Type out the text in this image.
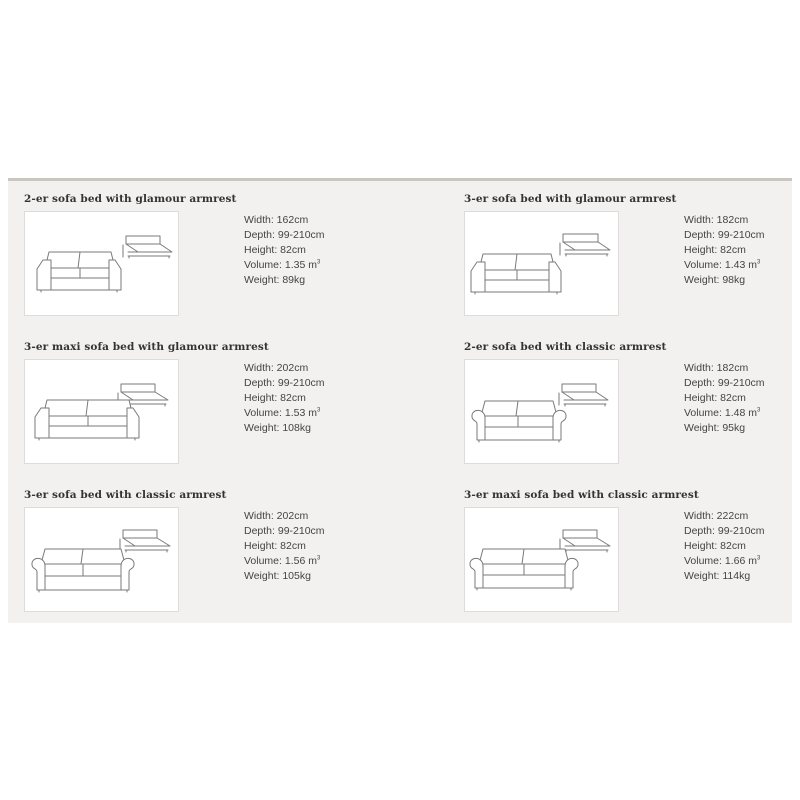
2-er sofa bed with glamour armrest
Width: 162cm
Depth: 99-210cm
Height: 82cm
Volume: 1.35 $m^3$
Weight: 89kg
3-er sofa bed with glamour armrest
Width: 182cm
Depth: 99-210cm
Height: 82cm
Volume: 1.43 $m^3$
Weight: 98kg
3-er maxi sofa bed with glamour armrest
Width: 202cm
Depth: 99-210cm
Height: 82cm
Volume: 1.53 $m^3$
Weight: 108kg
2-er sofa bed with classic armrest
Width: 182cm
Depth: 99-210cm
Height: 82cm
Volume: 1.48 $m^3$
Weight: 95kg
3-er sofa bed with classic armrest
Width: 202cm
Depth: 99-210cm
Height: 82cm
Volume: 1.56 $m^3$
Weight: 105kg
3-er maxi sofa bed with classic armrest
Width: 222cm
Depth: 99-210cm
Height: 82cm
Volume: 1.66 $m^3$
Weight: 114kg
